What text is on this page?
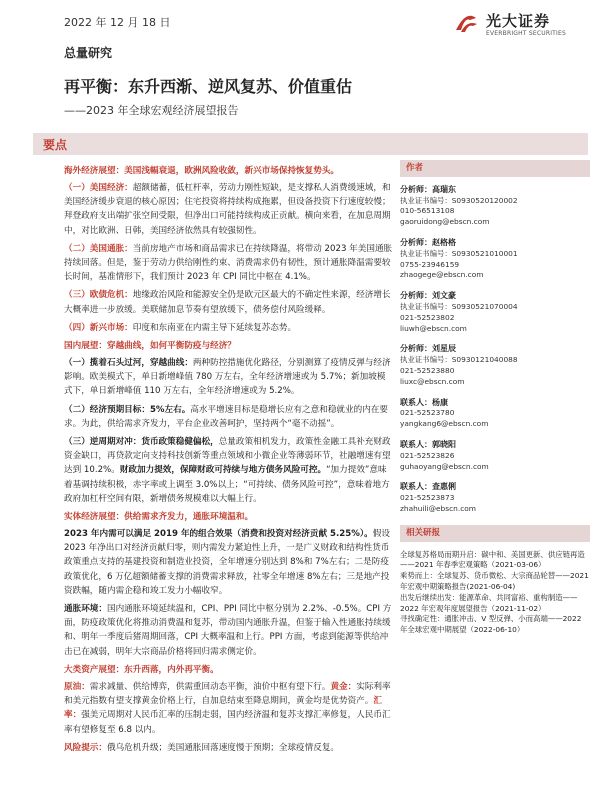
2022 年 12 月 18 日	光大证券
EVERBRIGHT SECURITIES
总量研究
再平衡：东升西渐、逆风复苏、价值重估
——2023 年全球宏观经济展望报告
要点
海外经济展望：美国浅幅衰退，欧洲风险收敛，新兴市场保持恢复势头。

（一）美国经济：超额储蓄，低杠杆率，劳动力刚性短缺，是支撑私人消费缓速域，和美国经济缓步衰退的核心原因；住宅投资将持续构成拖累，但设备投资下行速度较慢；拜登政府支出端扩张空间受限，但净出口可能持续构成正贡献。横向来看，在加息周期中，对比欧洲、日韩，美国经济依然具有较强韧性。

（二）美国通胀：当前房地产市场和商品需求已在持续降温，将带动 2023 年美国通胀持续回落。但是，鉴于劳动力供给刚性约束、消费需求仍有韧性，预计通胀降温需要较长时间，基准情形下，我们预计 2023 年 CPI 同比中枢在 4.1%。

（三）欧债危机：地缘政治风险和能源安全仍是欧元区最大的不确定性来源，经济增长大概率进一步放缓。美联储加息节奏有望放缓下，债务偿付风险缓释。

（四）新兴市场：印度和东南亚在内需主导下延续复苏态势。

国内展望：穿越曲线，如何平衡防疫与经济？

（一）揽着石头过河，穿越曲线：两种防控措施优化路径，分别测算了疫情反弹与经济影响。欧美模式下，单日新增峰值 780 万左右，全年经济增速或为 5.7%；新加坡模式下，单日新增峰值 110 万左右，全年经济增速或为 5.2%。

（二）经济预期目标：5%左右。高水平增速目标是稳增长应有之意和稳就业的内在要求。为此，供给需求齐发力，平台企业改善呵护，坚持两个“毫不动摇”。

（三）逆周期对冲：货币政策稳健偏松，总量政策相机发力，政策性金融工具补充财政资金缺口，再贷款定向支持科技创新等重点领域和小微企业等薄弱环节，社融增速有望达到 10.2%。财政加力提效，保障财政可持续与地方债务风险可控。“加力提效”意味着基调持续积极，赤字率或上调至 3.0%以上；“可持续、债务风险可控”，意味着地方政府加杠杆空间有限，新增债务规模难以大幅上行。

实体经济展望：供给需求齐发力，通胀环境温和。

2023 年内需可以满足 2019 年的组合效果（消费和投资对经济贡献 5.25%）。假设 2023 年净出口对经济贡献归零，则内需发力紧迫性上升，一是广义财政和结构性货币政策重点支持的基建投资和制造业投资，全年增速分别达到 8%和 7%左右；二是防疫政策优化，6 万亿超额储蓄支撑的消费需求释放，社零全年增速 8%左右；三是地产投资跌幅，随内需企稳和竣工发力小幅收窄。

通胀环境：国内通胀环境延续温和，CPI、PPI 同比中枢分别为 2.2%、-0.5%。CPI 方面，防疫政策优化将推动消费温和复苏，带动国内通胀升温，但鉴于输入性通胀持续缓和、明年一季度后猪周期回落，CPI 大概率温和上行。PPI 方面，考虑到能源等供给冲击已在减弱，明年大宗商品价格将回归需求侧定价。

大类资产展望：东升西落，内外再平衡。

原油：需求减量、供给博弈，供需重回动态平衡，油价中枢有望下行。黄金：实际利率和美元指数有望支撑黄金价格上行，自加息结束至降息期间，黄金均是优势资产。汇率：强美元周期对人民币汇率的压制走弱，国内经济温和复苏支撑汇率修复，人民币汇率有望修复至 6.8 以内。

风险提示：俄乌危机升级；美国通胀回落速度慢于预期；全球疫情反复。

作者
分析师：高瑞东
执业证书编号：S0930520120002
010-56513108
gaoruidong@ebscn.com
分析师：赵格格
执业证书编号：S0930521010001
0755-23946159
zhaogege@ebscn.com
分析师：刘文豪
执业证书编号：S0930521070004
021-52523802
liuwh@ebscn.com
分析师：刘星辰
执业证书编号：S0930121040088
021-52523880
liuxc@ebscn.com
联系人：杨康
021-52523780
yangkang6@ebscn.com
联系人：郭晓阳
021-52523826
guhaoyang@ebscn.com
联系人：查惠俐
021-52523873
zhahuili@ebscn.com
相关研报
全球复苏格局而期升启：碳中和、美国更新、供应链再造——2021 年春季宏观策略（2021-03-06）
乘势而上：全球复苏、货币微松、大宗商品轮替——2021 年宏观中期策略报告(2021-06-04)
出发后继续出发：能源革命、共同富裕、重构制造——2022 年宏观年度展望报告（2021-11-02）
寻找确定性：通胀冲击、V 型反弹、小而高端——2022 年全球宏观中期展望（2022-06-10）
